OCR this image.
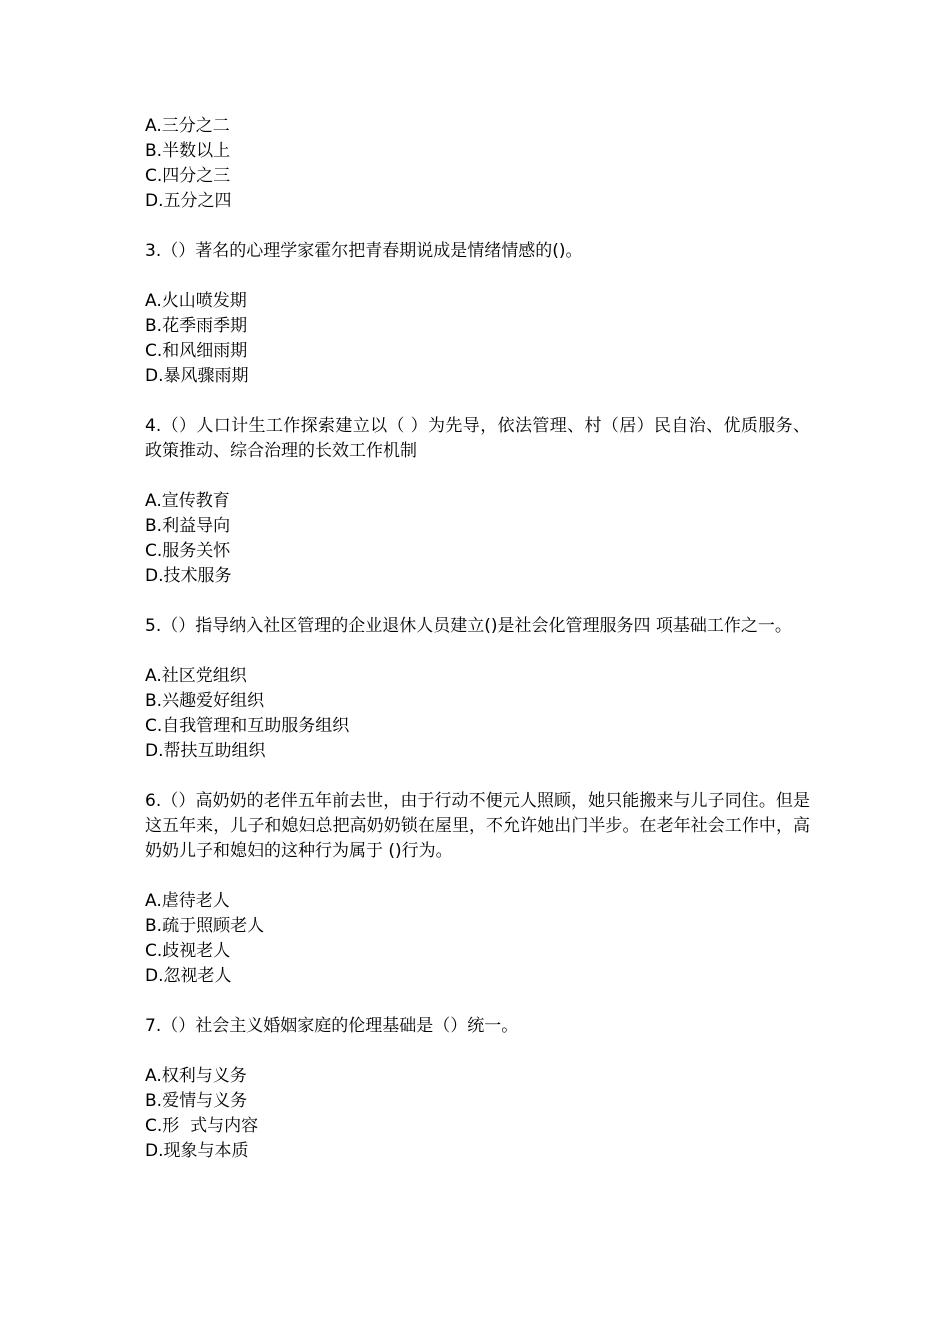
A.三分之二

B.半数以上

C.四分之三

D.五分之四

3.（）著名的心理学家霍尔把青春期说成是情绪情感的()。

A.火山喷发期

B.花季雨季期

C.和风细雨期

D.暴风骤雨期

4.（）人口计生工作探索建立以（ ）为先导，依法管理、村（居）民自治、优质服务、政策推动、综合治理的长效工作机制

A.宣传教育

B.利益导向

C.服务关怀

D.技术服务

5.（）指导纳入社区管理的企业退休人员建立()是社会化管理服务四 项基础工作之一。

A.社区党组织

B.兴趣爱好组织

C.自我管理和互助服务组织

D.帮扶互助组织

6.（）高奶奶的老伴五年前去世，由于行动不便元人照顾，她只能搬来与儿子同住。但是这五年来，儿子和媳妇总把高奶奶锁在屋里，不允许她出门半步。在老年社会工作中，高奶奶儿子和媳妇的这种行为属于 ()行为。

A.虐待老人

B.疏于照顾老人

C.歧视老人

D.忽视老人

7.（）社会主义婚姻家庭的伦理基础是（）统一。

A.权利与义务

B.爱情与义务

C.形  式与内容

D.现象与本质
